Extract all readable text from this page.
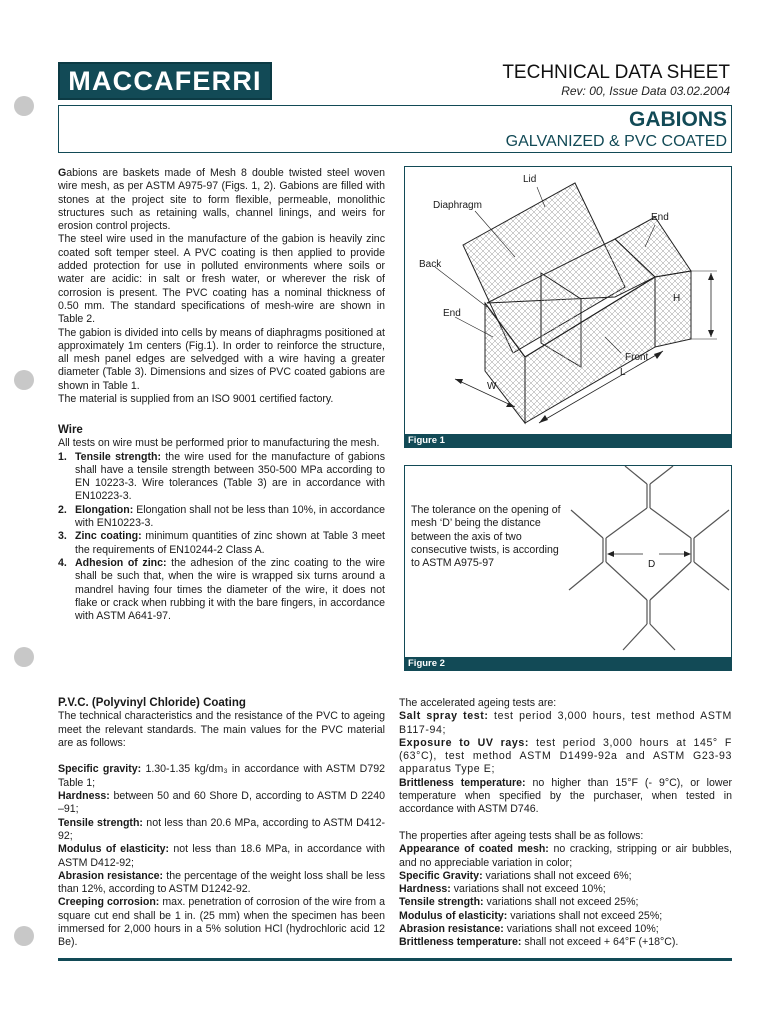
MACCAFERRI	TECHNICAL DATA SHEET
Rev: 00, Issue Data 03.02.2004
GABIONS
GALVANIZED & PVC COATED

Gabions are baskets made of Mesh 8 double twisted steel woven wire mesh, as per ASTM A975-97 (Figs. 1, 2). Gabions are filled with stones at the project site to form flexible, permeable, monolithic structures such as retaining walls, channel linings, and weirs for erosion control projects.

The steel wire used in the manufacture of the gabion is heavily zinc coated soft temper steel. A PVC coating is then applied to provide added protection for use in polluted environments where soils or water are acidic: in salt or fresh water, or wherever the risk of corrosion is present. The PVC coating has a nominal thickness of 0.50 mm. The standard specifications of mesh-wire are shown in Table 2.

The gabion is divided into cells by means of diaphragms positioned at approximately 1m centers (Fig.1). In order to reinforce the structure, all mesh panel edges are selvedged with a wire having a greater diameter (Table 3). Dimensions and sizes of PVC coated gabions are shown in Table 1.

The material is supplied from an ISO 9001 certified factory.

Wire

All tests on wire must be performed prior to manufacturing the mesh.

1. Tensile strength: the wire used for the manufacture of gabions shall have a tensile strength between 350-500 MPa according to EN 10223-3. Wire tolerances (Table 3) are in accordance with EN10223-3.
2. Elongation: Elongation shall not be less than 10%, in accordance with EN10223-3.
3. Zinc coating: minimum quantities of zinc shown at Table 3 meet the requirements of EN10244-2 Class A.
4. Adhesion of zinc: the adhesion of the zinc coating to the wire shall be such that, when the wire is wrapped six turns around a mandrel having four times the diameter of the wire, it does not flake or crack when rubbing it with the bare fingers, in accordance with ASTM A641-97.
Lid
Diaphragm
End
Back
H
End
Front
L
W
Figure 1
The tolerance on the opening of mesh ‘D’ being the distance between the axis of two consecutive twists, is according to ASTM A975-97	D
Figure 2

P.V.C. (Polyvinyl Chloride) Coating

The technical characteristics and the resistance of the PVC to ageing meet the relevant standards. The main values for the PVC material are as follows:

Specific gravity: 1.30-1.35 kg/dm₃ in accordance with ASTM D792 Table 1;

Hardness: between 50 and 60 Shore D, according to ASTM D 2240 –91;

Tensile strength: not less than 20.6 MPa, according to ASTM D412-92;

Modulus of elasticity: not less than 18.6 MPa, in accordance with ASTM D412-92;

Abrasion resistance: the percentage of the weight loss shall be less than 12%, according to ASTM D1242-92.

Creeping corrosion: max. penetration of corrosion of the wire from a square cut end shall be 1 in. (25 mm) when the specimen has been immersed for 2,000 hours in a 5% solution HCl (hydrochloric acid 12 Be).

The accelerated ageing tests are:

Salt spray test: test period 3,000 hours, test method ASTM B117-94;

Exposure to UV rays: test period 3,000 hours at 145° F (63°C), test method ASTM D1499-92a and ASTM G23-93 apparatus Type E;

Brittleness temperature: no higher than 15°F (- 9°C), or lower temperature when specified by the purchaser, when tested in accordance with ASTM D746.

The properties after ageing tests shall be as follows:

Appearance of coated mesh: no cracking, stripping or air bubbles, and no appreciable variation in color;

Specific Gravity: variations shall not exceed 6%;

Hardness: variations shall not exceed 10%;

Tensile strength: variations shall not exceed 25%;

Modulus of elasticity: variations shall not exceed 25%;

Abrasion resistance: variations shall not exceed 10%;

Brittleness temperature: shall not exceed + 64°F (+18°C).
